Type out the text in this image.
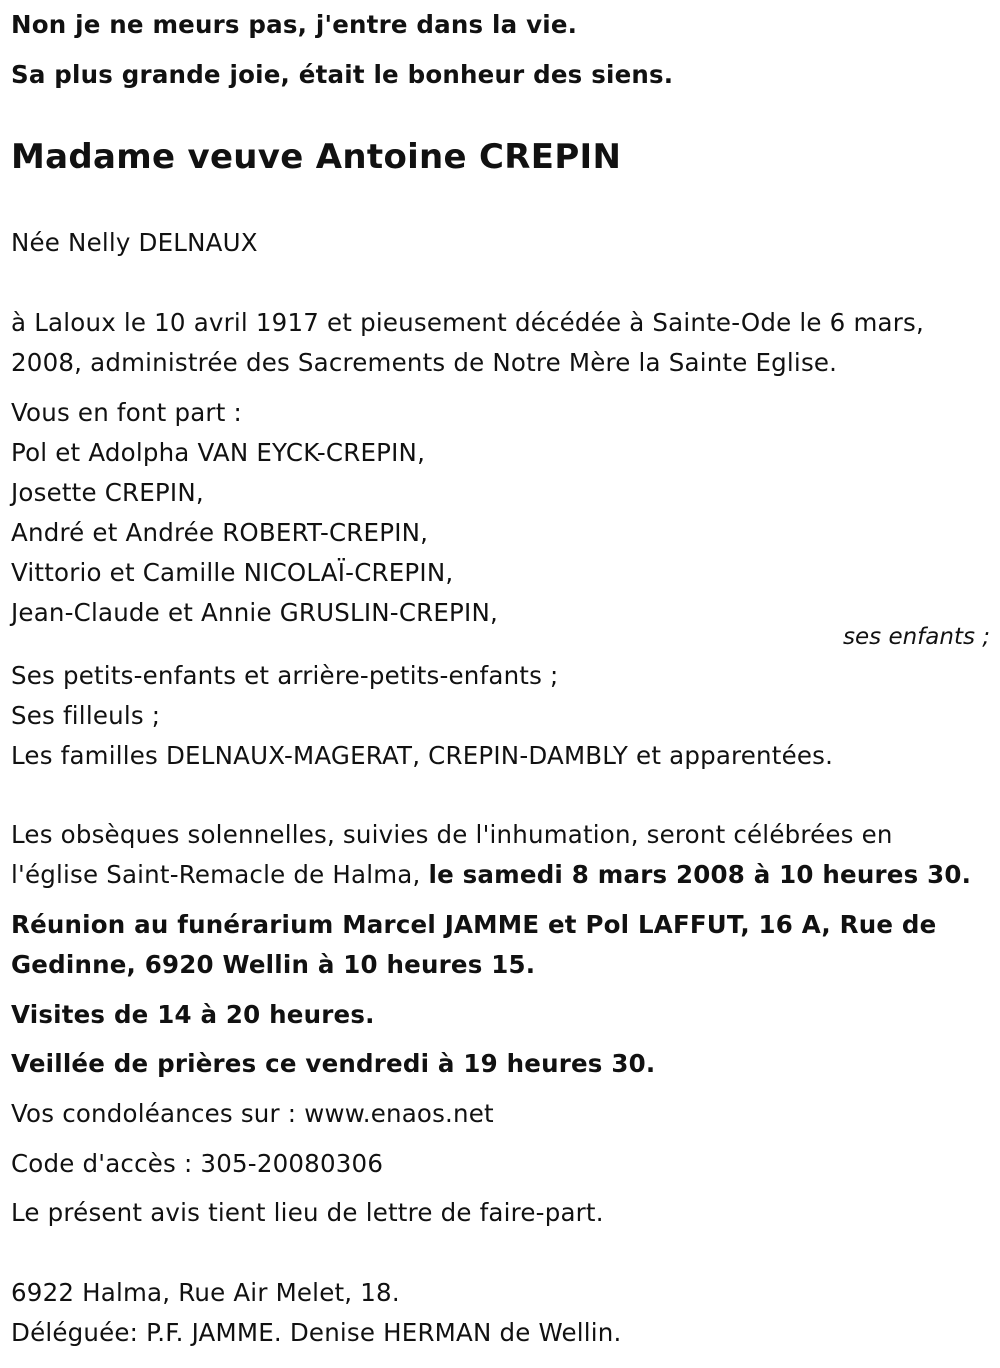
Non je ne meurs pas, j'entre dans la vie.
Sa plus grande joie, était le bonheur des siens.
Madame veuve Antoine CREPIN
Née Nelly DELNAUX
à Laloux le 10 avril 1917 et pieusement décédée à Sainte-Ode le 6 mars,
2008, administrée des Sacrements de Notre Mère la Sainte Eglise.
Vous en font part :
Pol et Adolpha VAN EYCK-CREPIN,
Josette CREPIN,
André et Andrée ROBERT-CREPIN,
Vittorio et Camille NICOLAÏ-CREPIN,
Jean-Claude et Annie GRUSLIN-CREPIN,
ses enfants ;
Ses petits-enfants et arrière-petits-enfants ;
Ses filleuls ;
Les familles DELNAUX-MAGERAT, CREPIN-DAMBLY et apparentées.
Les obsèques solennelles, suivies de l'inhumation, seront célébrées en
l'église Saint-Remacle de Halma, le samedi 8 mars 2008 à 10 heures 30.
Réunion au funérarium Marcel JAMME et Pol LAFFUT, 16 A, Rue de
Gedinne, 6920 Wellin à 10 heures 15.
Visites de 14 à 20 heures.
Veillée de prières ce vendredi à 19 heures 30.
Vos condoléances sur : www.enaos.net
Code d'accès : 305-20080306
Le présent avis tient lieu de lettre de faire-part.
6922 Halma, Rue Air Melet, 18.
Déléguée: P.F. JAMME. Denise HERMAN de Wellin.
